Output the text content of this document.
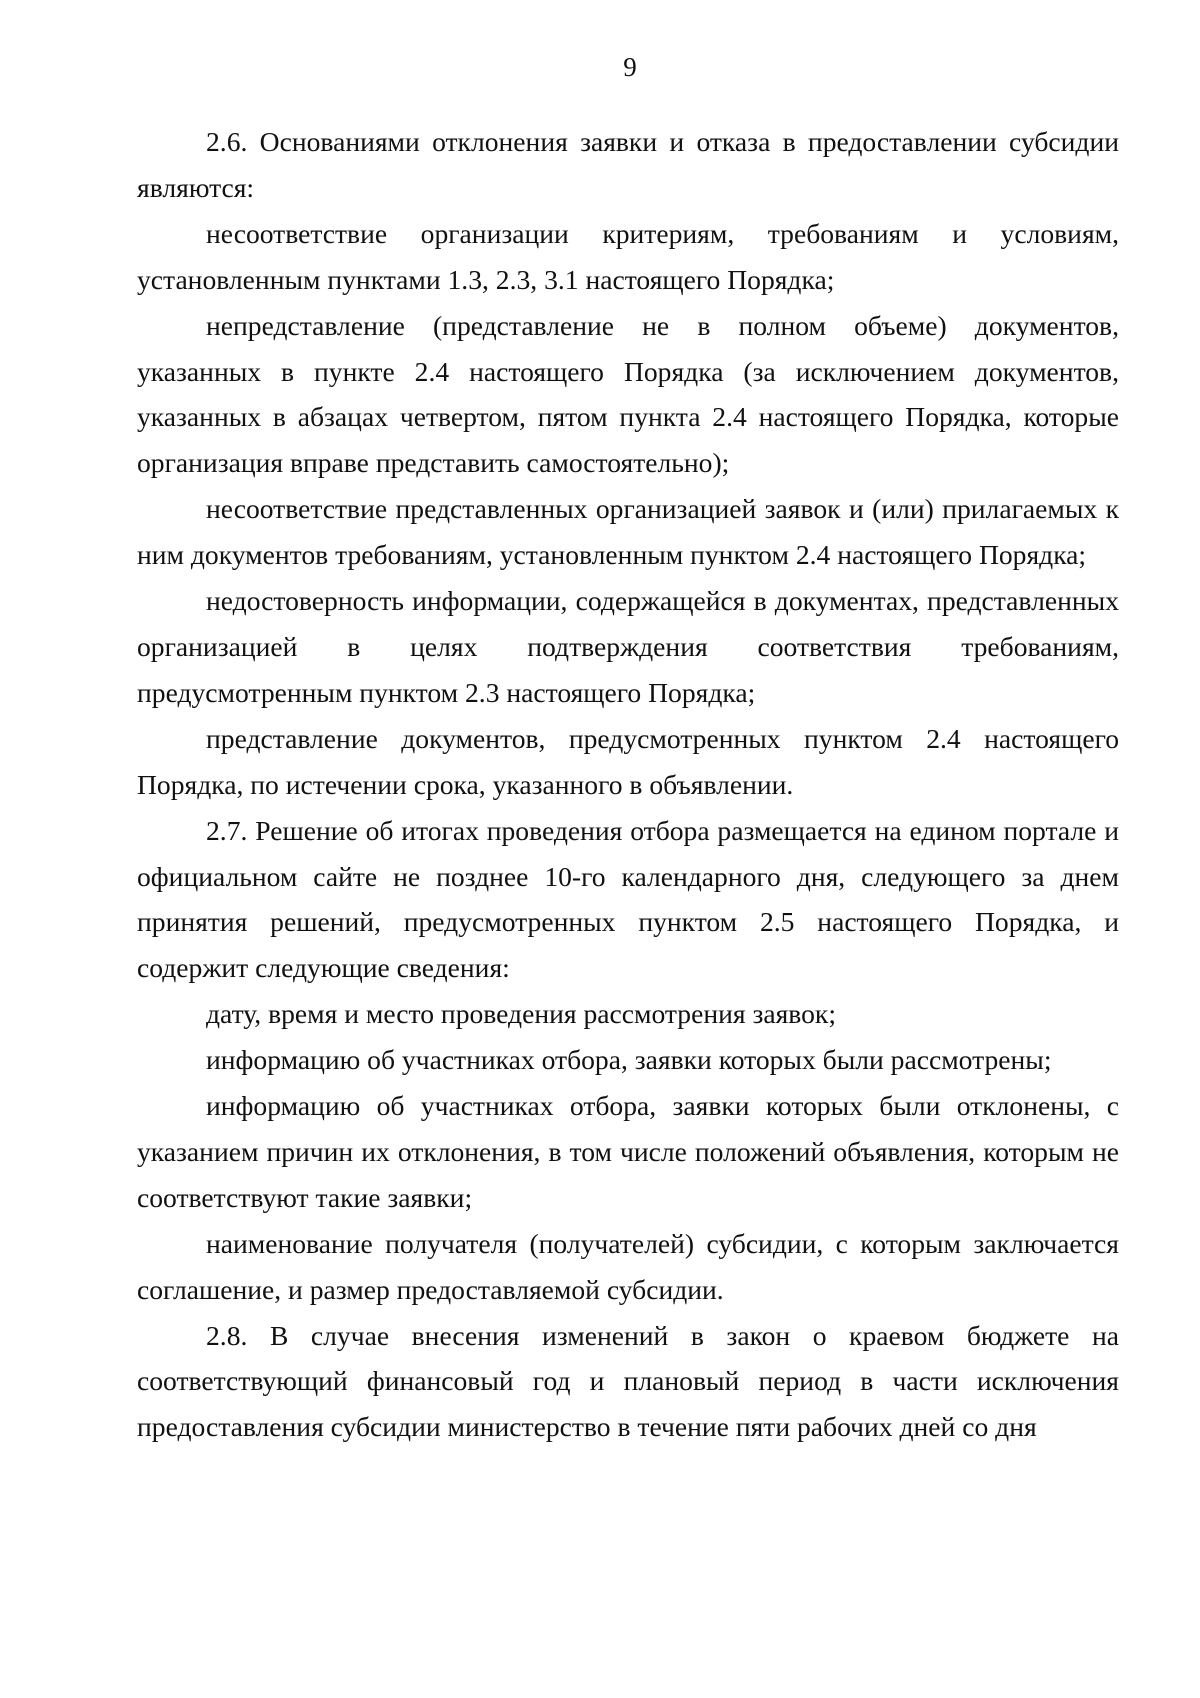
9

2.6. Основаниями отклонения заявки и отказа в предоставлении субсидии являются:

несоответствие организации критериям, требованиям и условиям, установленным пунктами 1.3, 2.3, 3.1 настоящего Порядка;

непредставление (представление не в полном объеме) документов, указанных в пункте 2.4 настоящего Порядка (за исключением документов, указанных в абзацах четвертом, пятом пункта 2.4 настоящего Порядка, которые организация вправе представить самостоятельно);

несоответствие представленных организацией заявок и (или) прилагаемых к ним документов требованиям, установленным пунктом 2.4 настоящего Порядка;

недостоверность информации, содержащейся в документах, представленных организацией в целях подтверждения соответствия требованиям, предусмотренным пунктом 2.3 настоящего Порядка;

представление документов, предусмотренных пунктом 2.4 настоящего Порядка, по истечении срока, указанного в объявлении.

2.7. Решение об итогах проведения отбора размещается на едином портале и официальном сайте не позднее 10-го календарного дня, следующего за днем принятия решений, предусмотренных пунктом 2.5 настоящего Порядка, и содержит следующие сведения:

дату, время и место проведения рассмотрения заявок;

информацию об участниках отбора, заявки которых были рассмотрены;

информацию об участниках отбора, заявки которых были отклонены, с указанием причин их отклонения, в том числе положений объявления, которым не соответствуют такие заявки;

наименование получателя (получателей) субсидии, с которым заключается соглашение, и размер предоставляемой субсидии.

2.8. В случае внесения изменений в закон о краевом бюджете на соответствующий финансовый год и плановый период в части исключения предоставления субсидии министерство в течение пяти рабочих дней со дня
